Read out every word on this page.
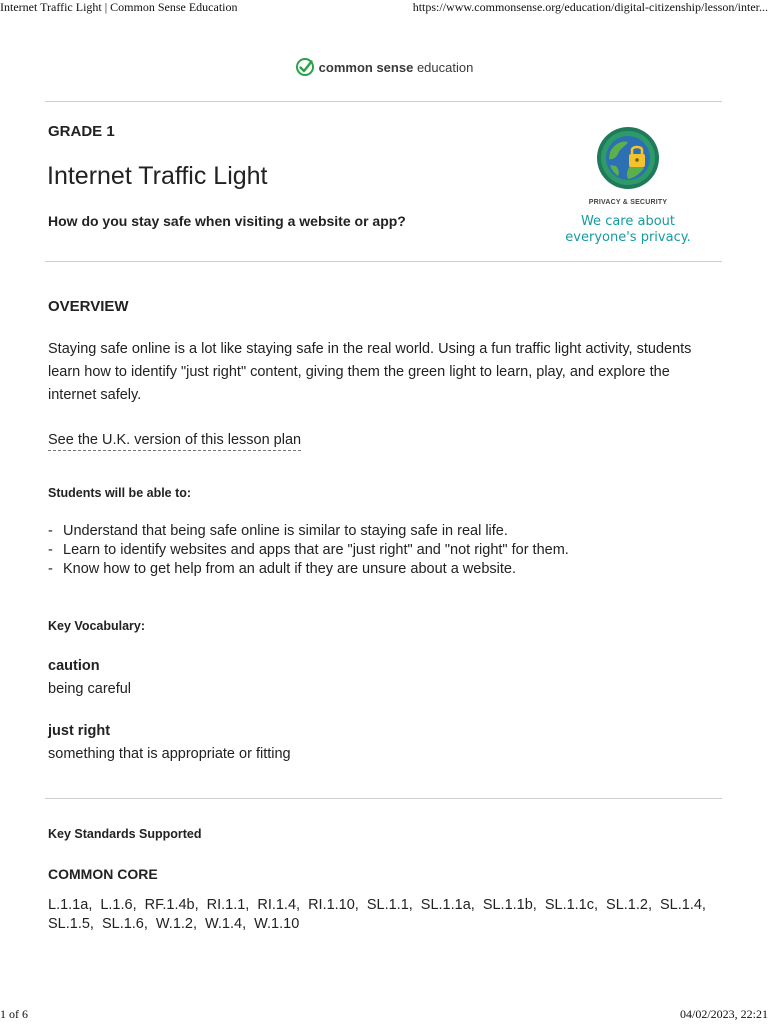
Internet Traffic Light | Common Sense Education	https://www.commonsense.org/education/digital-citizenship/lesson/inter...
common sense education
GRADE 1
Internet Traffic Light
How do you stay safe when visiting a website or app?
PRIVACY & SECURITY
We care about
everyone's privacy.
OVERVIEW
Staying safe online is a lot like staying safe in the real world. Using a fun traffic light activity, students learn how to identify "just right" content, giving them the green light to learn, play, and explore the internet safely.
See the U.K. version of this lesson plan
Students will be able to:
- Understand that being safe online is similar to staying safe in real life.
- Learn to identify websites and apps that are "just right" and "not right" for them.
- Know how to get help from an adult if they are unsure about a website.
Key Vocabulary:
caution
being careful
just right
something that is appropriate or fitting
Key Standards Supported
COMMON CORE
L.1.1a, L.1.6, RF.1.4b, RI.1.1, RI.1.4, RI.1.10, SL.1.1, SL.1.1a, SL.1.1b, SL.1.1c, SL.1.2, SL.1.4,SL.1.5, SL.1.6, W.1.2, W.1.4, W.1.10
1 of 6	04/02/2023, 22:21
